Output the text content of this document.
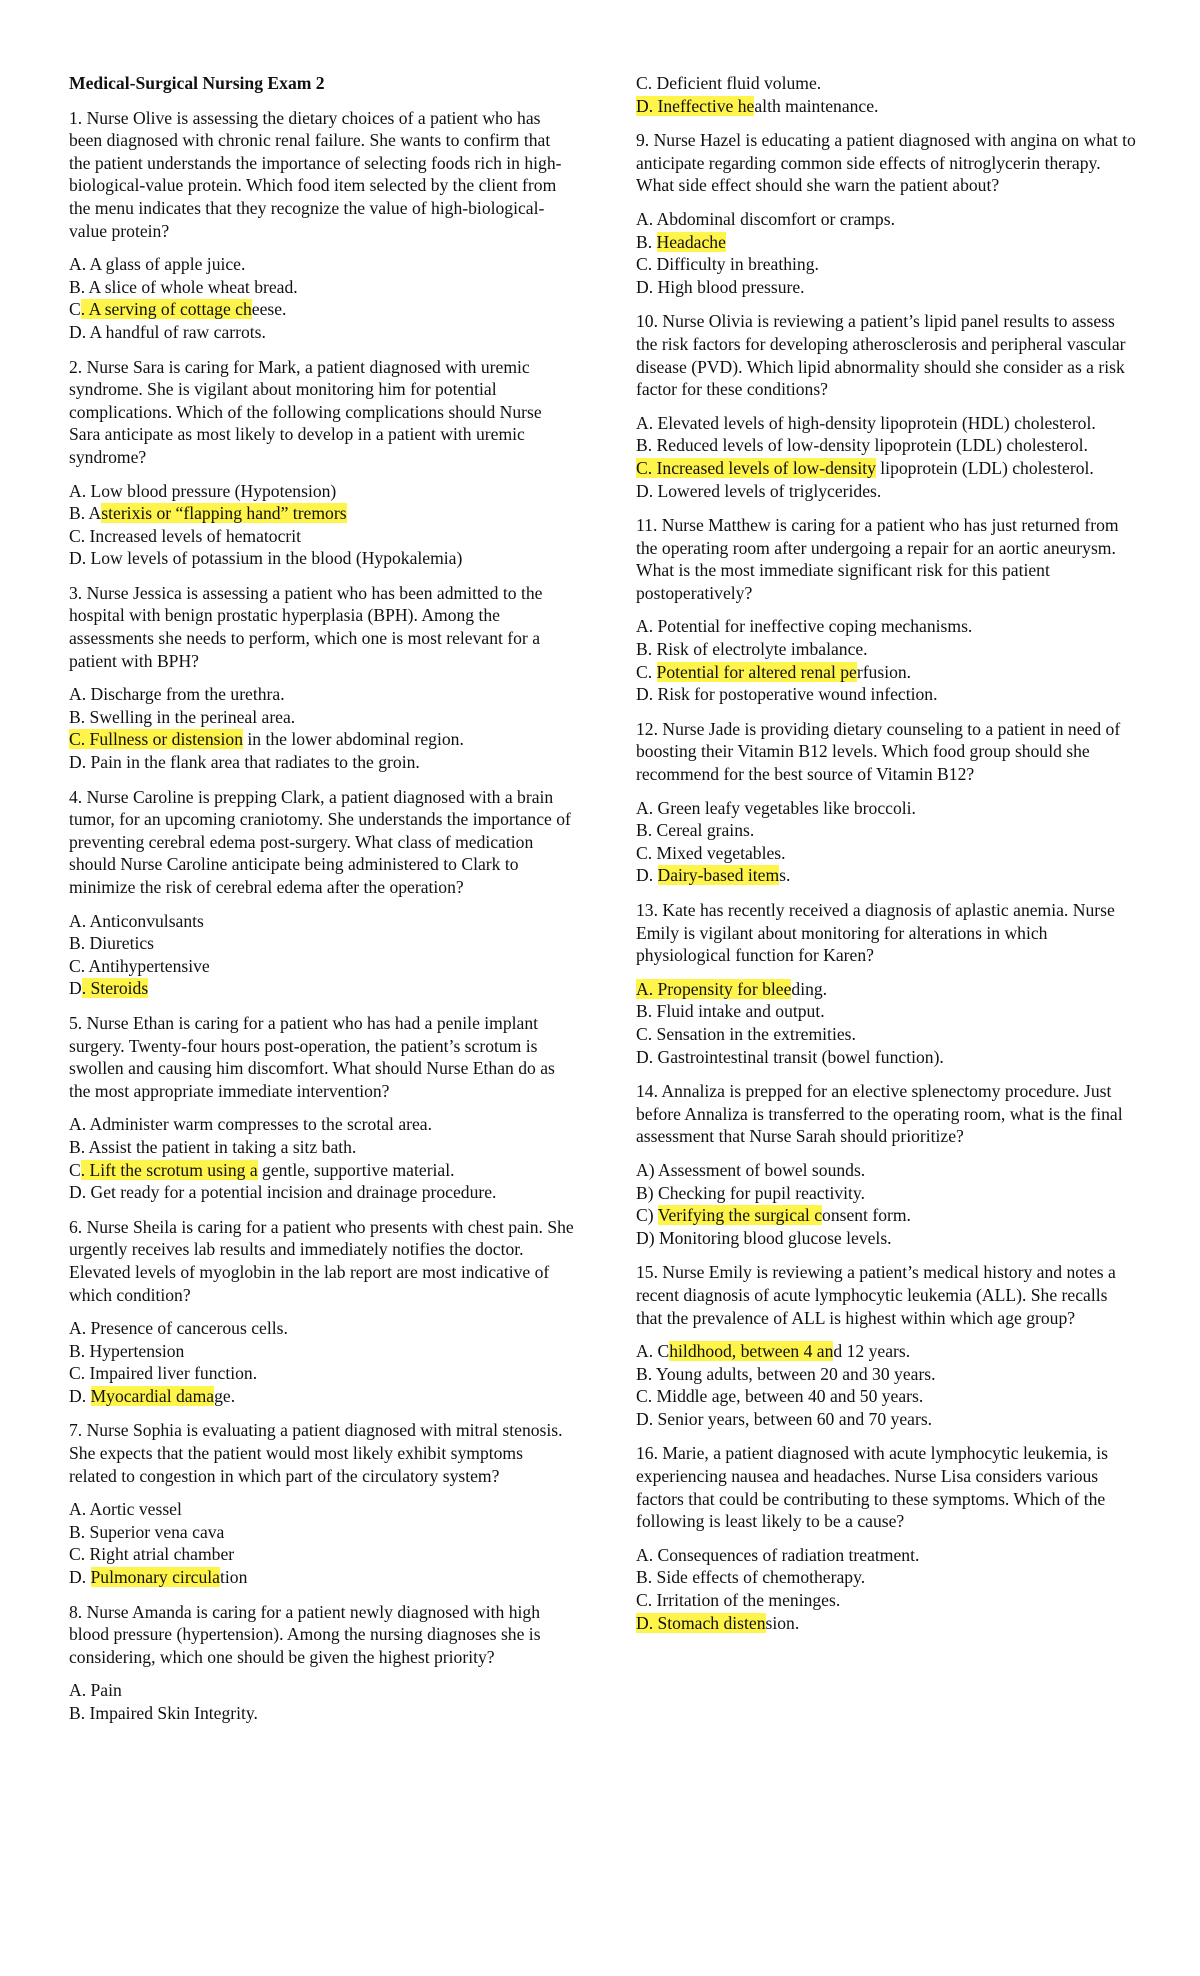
Medical-Surgical Nursing Exam 2
1. Nurse Olive is assessing the dietary choices of a patient who has been diagnosed with chronic renal failure. She wants to confirm that the patient understands the importance of selecting foods rich in high-biological-value protein. Which food item selected by the client from the menu indicates that they recognize the value of high-biological-value protein?
A. A glass of apple juice.
B. A slice of whole wheat bread.
C. A serving of cottage cheese.
D. A handful of raw carrots.
2. Nurse Sara is caring for Mark, a patient diagnosed with uremic syndrome. She is vigilant about monitoring him for potential complications. Which of the following complications should Nurse Sara anticipate as most likely to develop in a patient with uremic syndrome?
A. Low blood pressure (Hypotension)
B. Asterixis or “flapping hand” tremors
C. Increased levels of hematocrit
D. Low levels of potassium in the blood (Hypokalemia)
3. Nurse Jessica is assessing a patient who has been admitted to the hospital with benign prostatic hyperplasia (BPH). Among the assessments she needs to perform, which one is most relevant for a patient with BPH?
A. Discharge from the urethra.
B. Swelling in the perineal area.
C. Fullness or distension in the lower abdominal region.
D. Pain in the flank area that radiates to the groin.
4. Nurse Caroline is prepping Clark, a patient diagnosed with a brain tumor, for an upcoming craniotomy. She understands the importance of preventing cerebral edema post-surgery. What class of medication should Nurse Caroline anticipate being administered to Clark to minimize the risk of cerebral edema after the operation?
A. Anticonvulsants
B. Diuretics
C. Antihypertensive
D. Steroids
5. Nurse Ethan is caring for a patient who has had a penile implant surgery. Twenty-four hours post-operation, the patient’s scrotum is swollen and causing him discomfort. What should Nurse Ethan do as the most appropriate immediate intervention?
A. Administer warm compresses to the scrotal area.
B. Assist the patient in taking a sitz bath.
C. Lift the scrotum using a gentle, supportive material.
D. Get ready for a potential incision and drainage procedure.
6. Nurse Sheila is caring for a patient who presents with chest pain. She urgently receives lab results and immediately notifies the doctor. Elevated levels of myoglobin in the lab report are most indicative of which condition?
A. Presence of cancerous cells.
B. Hypertension
C. Impaired liver function.
D. Myocardial damage.
7. Nurse Sophia is evaluating a patient diagnosed with mitral stenosis. She expects that the patient would most likely exhibit symptoms related to congestion in which part of the circulatory system?
A. Aortic vessel
B. Superior vena cava
C. Right atrial chamber
D. Pulmonary circulation
8. Nurse Amanda is caring for a patient newly diagnosed with high blood pressure (hypertension). Among the nursing diagnoses she is considering, which one should be given the highest priority?
A. Pain
B. Impaired Skin Integrity.
C. Deficient fluid volume.
D. Ineffective health maintenance.
9. Nurse Hazel is educating a patient diagnosed with angina on what to anticipate regarding common side effects of nitroglycerin therapy. What side effect should she warn the patient about?
A. Abdominal discomfort or cramps.
B. Headache
C. Difficulty in breathing.
D. High blood pressure.
10. Nurse Olivia is reviewing a patient’s lipid panel results to assess the risk factors for developing atherosclerosis and peripheral vascular disease (PVD). Which lipid abnormality should she consider as a risk factor for these conditions?
A. Elevated levels of high-density lipoprotein (HDL) cholesterol.
B. Reduced levels of low-density lipoprotein (LDL) cholesterol.
C. Increased levels of low-density lipoprotein (LDL) cholesterol.
D. Lowered levels of triglycerides.
11. Nurse Matthew is caring for a patient who has just returned from the operating room after undergoing a repair for an aortic aneurysm. What is the most immediate significant risk for this patient postoperatively?
A. Potential for ineffective coping mechanisms.
B. Risk of electrolyte imbalance.
C. Potential for altered renal perfusion.
D. Risk for postoperative wound infection.
12. Nurse Jade is providing dietary counseling to a patient in need of boosting their Vitamin B12 levels. Which food group should she recommend for the best source of Vitamin B12?
A. Green leafy vegetables like broccoli.
B. Cereal grains.
C. Mixed vegetables.
D. Dairy-based items.
13. Kate has recently received a diagnosis of aplastic anemia. Nurse Emily is vigilant about monitoring for alterations in which physiological function for Karen?
A. Propensity for bleeding.
B. Fluid intake and output.
C. Sensation in the extremities.
D. Gastrointestinal transit (bowel function).
14. Annaliza is prepped for an elective splenectomy procedure. Just before Annaliza is transferred to the operating room, what is the final assessment that Nurse Sarah should prioritize?
A) Assessment of bowel sounds.
B) Checking for pupil reactivity.
C) Verifying the surgical consent form.
D) Monitoring blood glucose levels.
15. Nurse Emily is reviewing a patient’s medical history and notes a recent diagnosis of acute lymphocytic leukemia (ALL). She recalls that the prevalence of ALL is highest within which age group?
A. Childhood, between 4 and 12 years.
B. Young adults, between 20 and 30 years.
C. Middle age, between 40 and 50 years.
D. Senior years, between 60 and 70 years.
16. Marie, a patient diagnosed with acute lymphocytic leukemia, is experiencing nausea and headaches. Nurse Lisa considers various factors that could be contributing to these symptoms. Which of the following is least likely to be a cause?
A. Consequences of radiation treatment.
B. Side effects of chemotherapy.
C. Irritation of the meninges.
D. Stomach distension.
